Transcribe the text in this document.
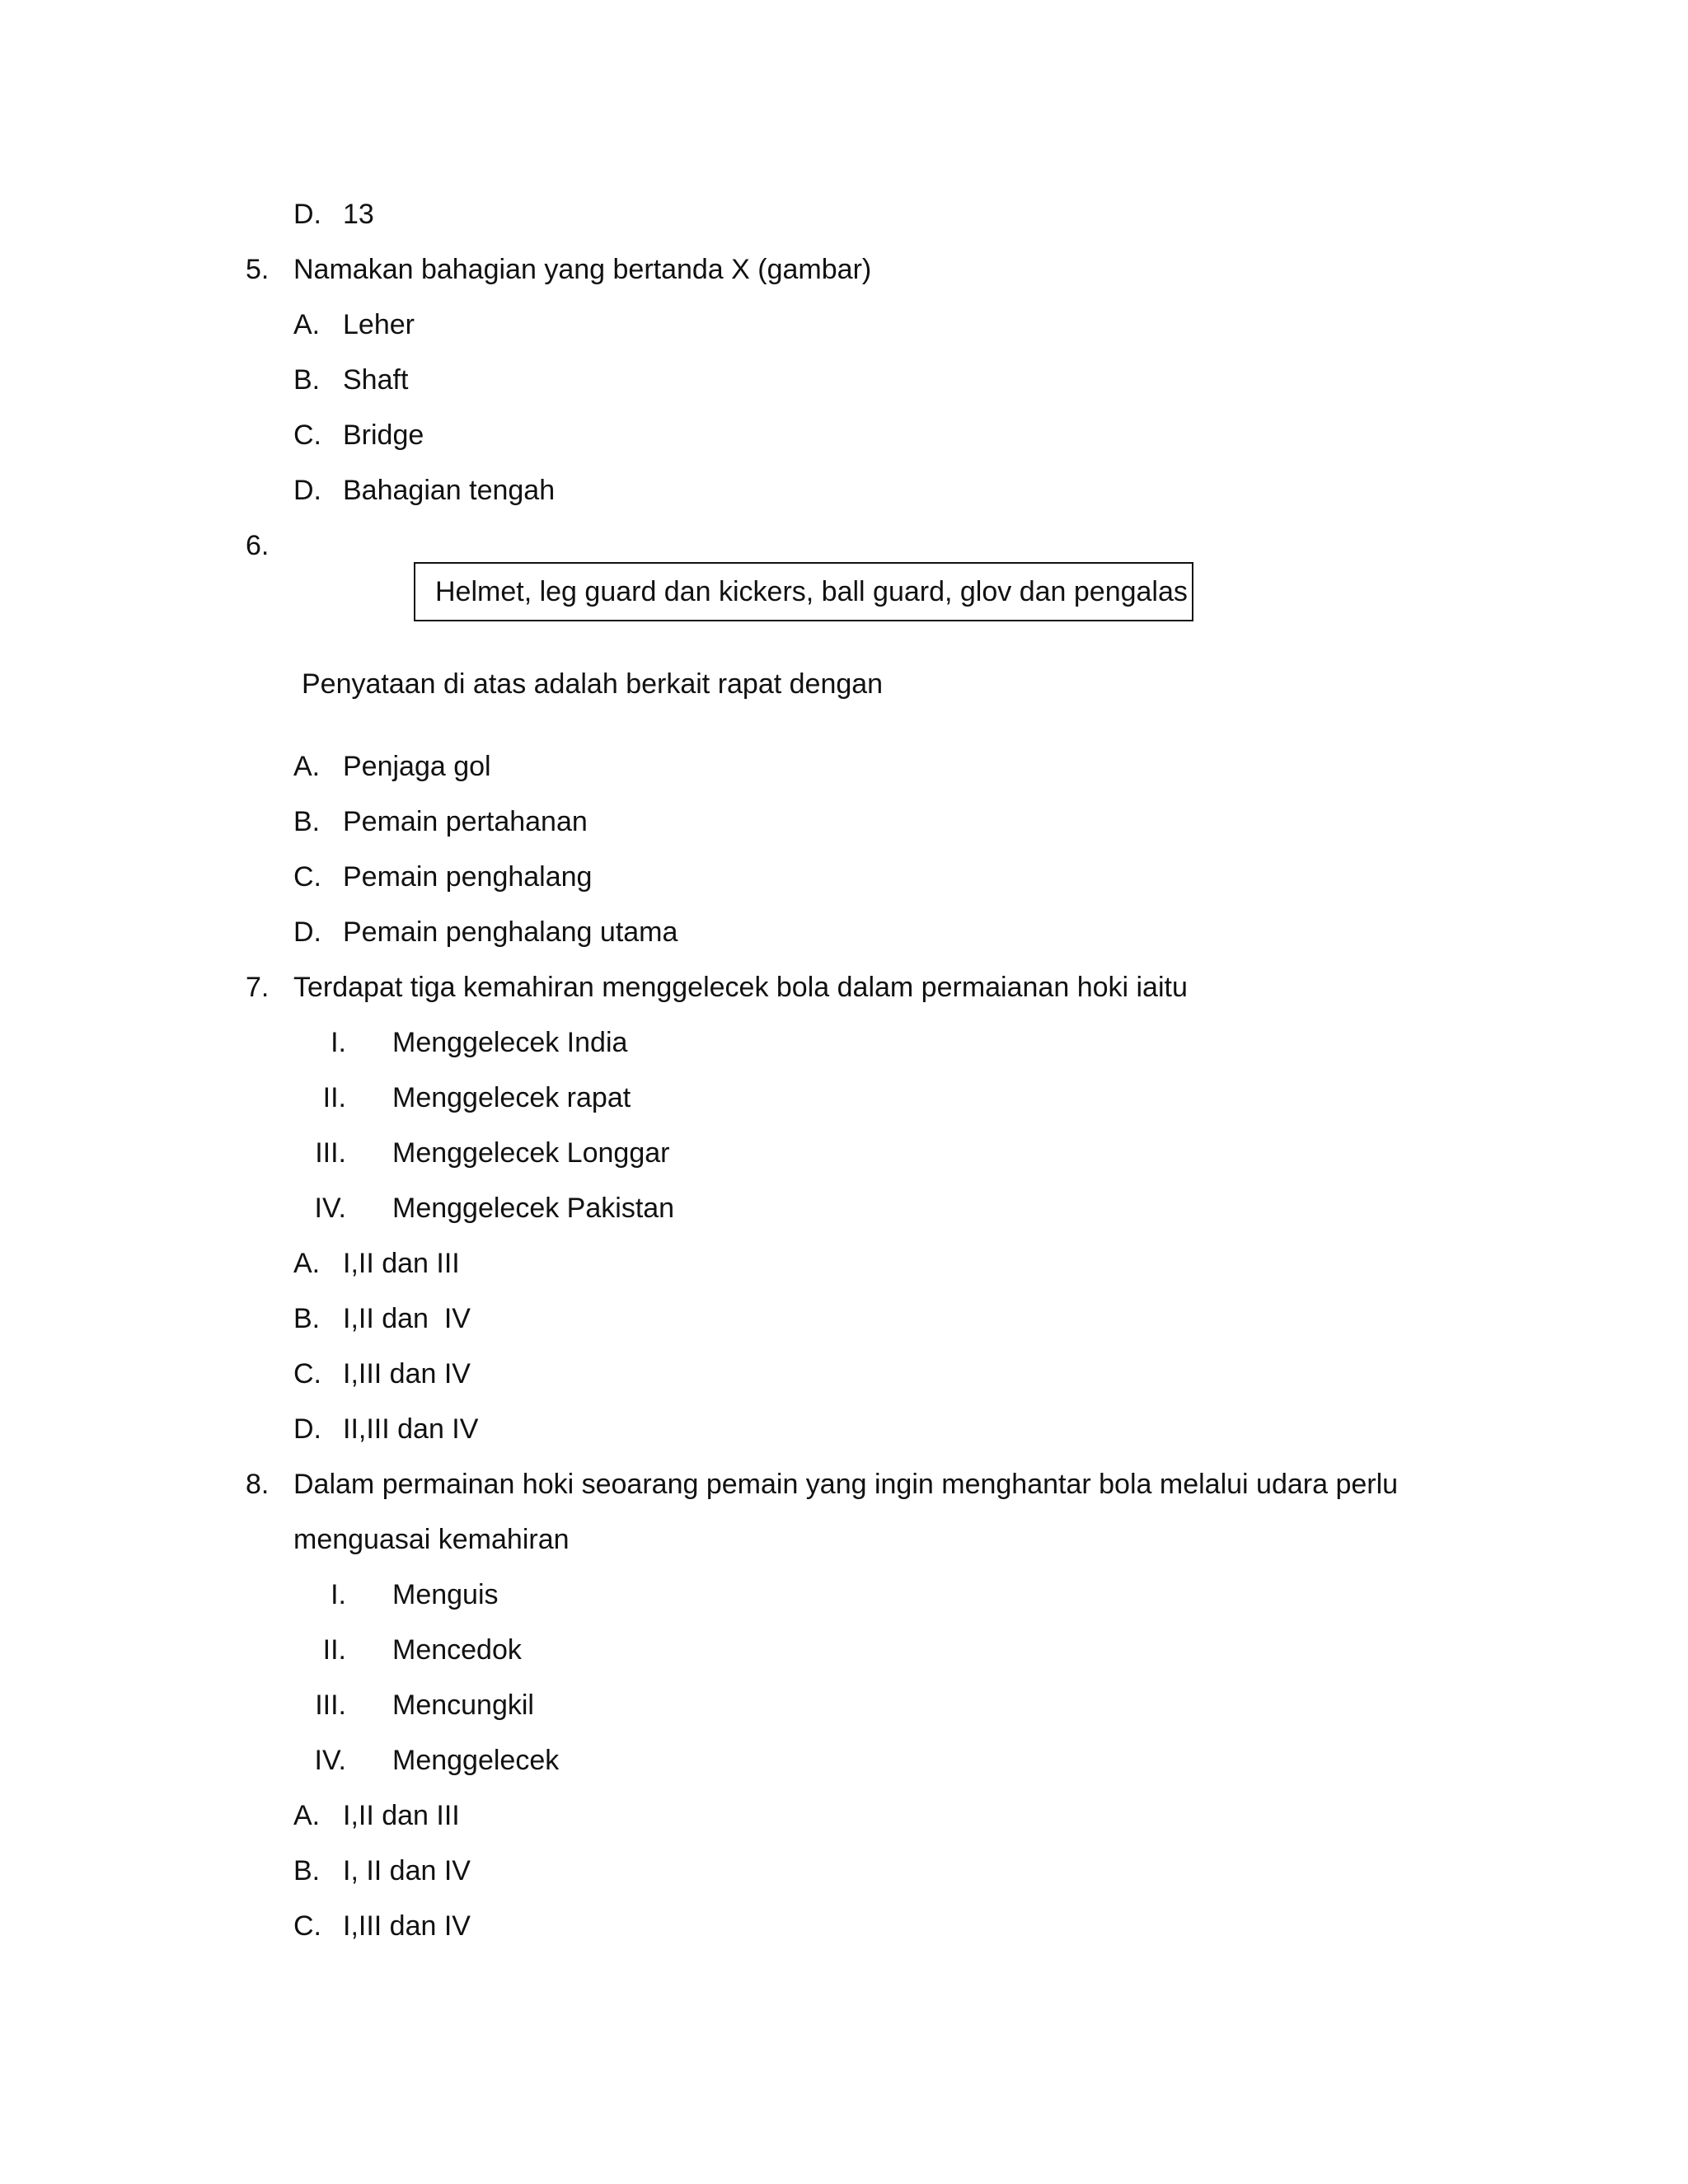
D. 13
5. Namakan bahagian yang bertanda X (gambar)
A. Leher
B. Shaft
C. Bridge
D. Bahagian tengah
6.
Helmet, leg guard dan kickers, ball guard, glov dan pengalas
Penyataan di atas adalah berkait rapat dengan
A. Penjaga gol
B. Pemain pertahanan
C. Pemain penghalang
D. Pemain penghalang utama
7. Terdapat tiga kemahiran menggelecek bola dalam permaianan hoki iaitu
I. Menggelecek India
II. Menggelecek rapat
III. Menggelecek Longgar
IV. Menggelecek Pakistan
A. I,II dan III
B. I,II dan  IV
C. I,III dan IV
D. II,III dan IV
8. Dalam permainan hoki seoarang pemain yang ingin menghantar bola melalui udara perlu
menguasai kemahiran
I. Menguis
II. Mencedok
III. Mencungkil
IV. Menggelecek
A. I,II dan III
B. I, II dan IV
C. I,III dan IV
